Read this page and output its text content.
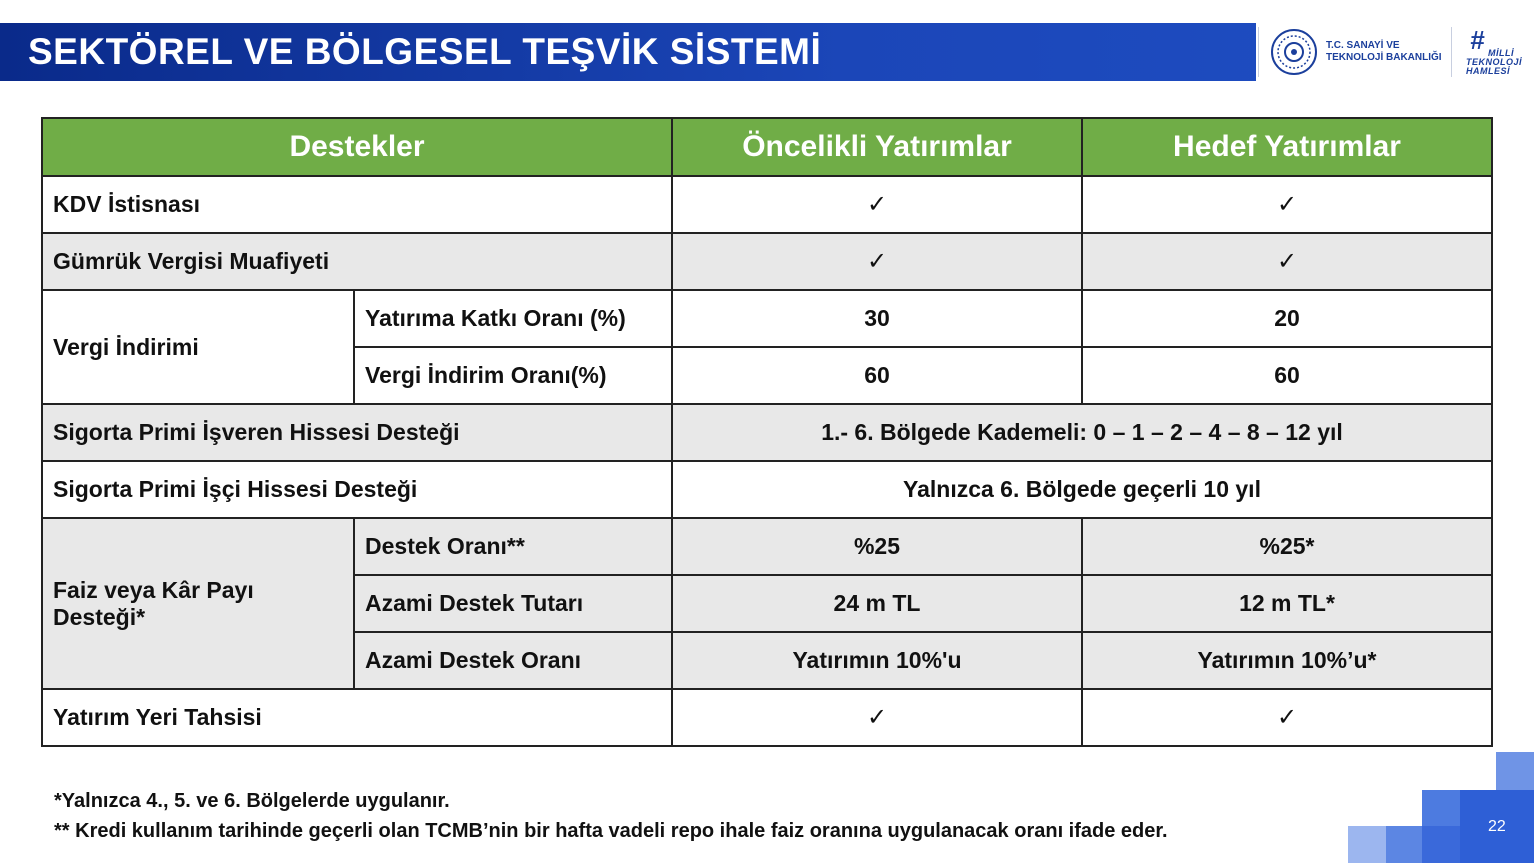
SEKTÖREL VE BÖLGESEL TEŞVİK SİSTEMİ	T.C. SANAYİ VE
TEKNOLOJİ BAKANLIĞI
# MİLLİ
TEKNOLOJİ
HAMLESİ
Destekler		Öncelikli Yatırımlar	Hedef Yatırımlar
KDV İstisnası		✓	✓
Gümrük Vergisi Muafiyeti		✓	✓
Vergi İndirimi	Yatırıma Katkı Oranı (%)	30	20
	Vergi İndirim Oranı(%)	60	60
Sigorta Primi İşveren Hissesi Desteği		1.- 6. Bölgede Kademeli: 0 – 1 – 2 – 4 – 8 – 12 yıl	
Sigorta Primi İşçi Hissesi Desteği		Yalnızca 6. Bölgede geçerli 10 yıl	

Faiz veya Kâr Payı
Desteği*	Destek Oranı**	%25	%25*
	Azami Destek Tutarı	24 m TL	12 m TL*
	Azami Destek Oranı	Yatırımın 10%'u	Yatırımın 10%’u*
Yatırım Yeri Tahsisi		✓	✓
*Yalnızca 4., 5. ve 6. Bölgelerde uygulanır.
** Kredi kullanım tarihinde geçerli olan TCMB’nin bir hafta vadeli repo ihale faiz oranına uygulanacak oranı ifade eder.	22
